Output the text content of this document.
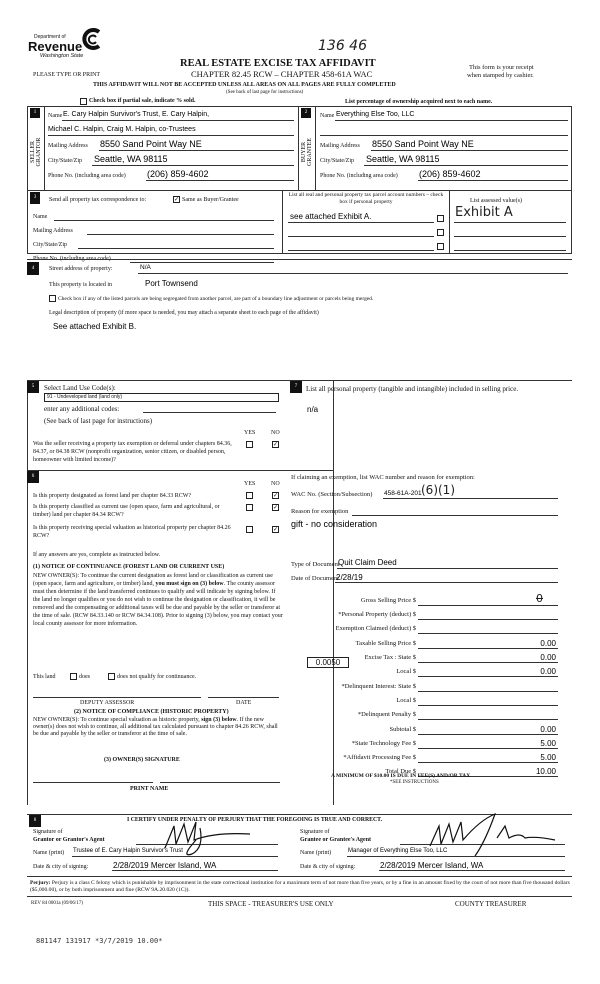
Department of
Revenue
Washington State
136 46
REAL ESTATE EXCISE TAX AFFIDAVIT
CHAPTER 82.45 RCW – CHAPTER 458-61A WAC
PLEASE TYPE OR PRINT
This form is your receipt
when stamped by cashier.
THIS AFFIDAVIT WILL NOT BE ACCEPTED UNLESS ALL AREAS ON ALL PAGES ARE FULLY COMPLETED
(See back of last page for instructions)
Check box if partial sale, indicate % sold.	List percentage of ownership acquired next to each name.
1
SELLER GRANTOR
Name E. Cary Halpin Survivor's Trust, E. Cary Halpin,
Michael C. Halpin, Craig M. Halpin, co-Trustees
Mailing Address 8550 Sand Point Way NE
City/State/Zip Seattle, WA 98115
Phone No. (including area code) (206) 859-4602
2
BUYER GRANTEE
Name Everything Else Too, LLC
Mailing Address 8550 Sand Point Way NE
City/State/Zip Seattle, WA 98115
Phone No. (including area code) (206) 859-4602
3	Send all property tax correspondence to:	✓ Same as Buyer/Grantee
Name
Mailing Address
City/State/Zip
Phone No. (including area code)
List all real and personal property tax parcel account numbers – check box if personal property	List assessed value(s)
see attached Exhibit A.	Exhibit A
4	Street address of property:	N/A
This property is located in	Port Townsend
Check box if any of the listed parcels are being segregated from another parcel, are part of a boundary line adjustment or parcels being merged.
Legal description of property (if more space is needed, you may attach a separate sheet to each page of the affidavit)
See attached Exhibit B.
5	Select Land Use Code(s):
91 - Undeveloped land (land only)
enter any additional codes:
(See back of last page for instructions)
YES	NO
Was the seller receiving a property tax exemption or deferral under chapters 84.36, 84.37, or 84.38 RCW (nonprofit organization, senior citizen, or disabled person, homeowner with limited income)?
✓
6
YES	NO
Is this property designated as forest land per chapter 84.33 RCW?	✓
Is this property classified as current use (open space, farm and agricultural, or timber) land per chapter 84.34 RCW?
✓
Is this property receiving special valuation as historical property per chapter 84.26 RCW?
✓
If any answers are yes, complete as instructed below.
(1) NOTICE OF CONTINUANCE (FOREST LAND OR CURRENT USE)
NEW OWNER(S): To continue the current designation as forest land or classification as current use (open space, farm and agriculture, or timber) land, you must sign on (3) below. The county assessor must then determine if the land transferred continues to qualify and will indicate by signing below. If the land no longer qualifies or you do not wish to continue the designation or classification, it will be removed and the compensating or additional taxes will be due and payable by the seller or transferor at the time of sale. (RCW 84.33.140 or RCW 84.34.108). Prior to signing (3) below, you may contact your local county assessor for more information.
This land	does	does not qualify for continuance.
DEPUTY ASSESSOR	DATE
(2) NOTICE OF COMPLIANCE (HISTORIC PROPERTY)
NEW OWNER(S): To continue special valuation as historic property, sign (3) below. If the new owner(s) does not wish to continue, all additional tax calculated pursuant to chapter 84.26 RCW, shall be due and payable by the seller or transferor at the time of sale.
(3) OWNER(S) SIGNATURE
PRINT NAME
7	List all personal property (tangible and intangible) included in selling price.
n/a
If claiming an exemption, list WAC number and reason for exemption:
WAC No. (Section/Subsection) 458-61A-201 (6)(1)
Reason for exemption
gift - no consideration
Type of Document
Quit Claim Deed
Date of Document
2/28/19
0.0050
Gross Selling Price $	0
*Personal Property (deduct) $
Exemption Claimed (deduct) $
Taxable Selling Price $	0.00
Excise Tax : State $	0.00
Local $	0.00
*Delinquent Interest: State $
Local $
*Delinquent Penalty $
Subtotal $	0.00
*State Technology Fee $	5.00
*Affidavit Processing Fee $	5.00
Total Due $	10.00
A MINIMUM OF $10.00 IS DUE IN FEE(S) AND/OR TAX
*SEE INSTRUCTIONS
8	I CERTIFY UNDER PENALTY OF PERJURY THAT THE FOREGOING IS TRUE AND CORRECT.
Signature of
Grantor or Grantor's Agent
Signature of
Grantee or Grantee's Agent
Name (print) Trustee of E. Cary Halpin Survivor's Trust	Name (print)	Manager of Everything Else Too, LLC
Date & city of signing:	2/28/2019 Mercer Island, WA	Date & city of signing:	2/28/2019 Mercer Island, WA
Perjury: Perjury is a class C felony which is punishable by imprisonment in the state correctional institution for a maximum term of not more than five years, or by a fine in an amount fixed by the court of not more than five thousand dollars ($5,000.00), or by both imprisonment and fine (RCW 9A.20.020 (1C)).
REV 84 0001a (09/06/17)	THIS SPACE - TREASURER'S USE ONLY	COUNTY TREASURER
881147 131917 *3/7/2019 10.00*
